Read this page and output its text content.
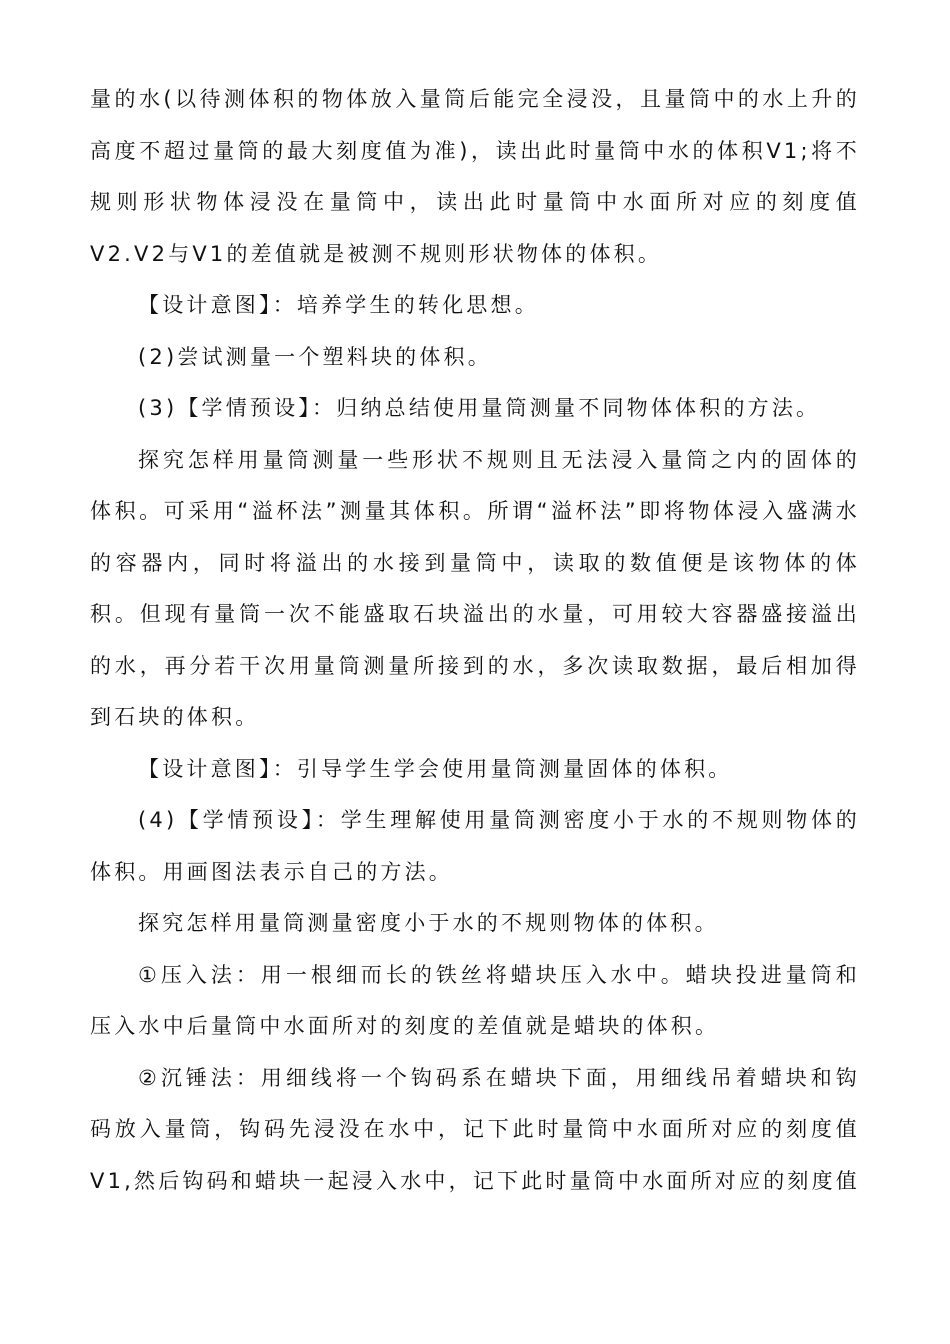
量的水(以待测体积的物体放入量筒后能完全浸没，且量筒中的水上升的高度不超过量筒的最大刻度值为准)，读出此时量筒中水的体积V1;将不规则形状物体浸没在量筒中，读出此时量筒中水面所对应的刻度值V2.V2与V1的差值就是被测不规则形状物体的体积。

【设计意图】：培养学生的转化思想。

(2)尝试测量一个塑料块的体积。

(3)【学情预设】：归纳总结使用量筒测量不同物体体积的方法。

探究怎样用量筒测量一些形状不规则且无法浸入量筒之内的固体的体积。可采用“溢杯法”测量其体积。所谓“溢杯法”即将物体浸入盛满水的容器内，同时将溢出的水接到量筒中，读取的数值便是该物体的体积。但现有量筒一次不能盛取石块溢出的水量，可用较大容器盛接溢出的水，再分若干次用量筒测量所接到的水，多次读取数据，最后相加得到石块的体积。

【设计意图】：引导学生学会使用量筒测量固体的体积。

(4)【学情预设】：学生理解使用量筒测密度小于水的不规则物体的体积。用画图法表示自己的方法。

探究怎样用量筒测量密度小于水的不规则物体的体积。

①压入法：用一根细而长的铁丝将蜡块压入水中。蜡块投进量筒和压入水中后量筒中水面所对的刻度的差值就是蜡块的体积。

②沉锤法：用细线将一个钩码系在蜡块下面，用细线吊着蜡块和钩码放入量筒，钩码先浸没在水中，记下此时量筒中水面所对应的刻度值V1,然后钩码和蜡块一起浸入水中，记下此时量筒中水面所对应的刻度值
